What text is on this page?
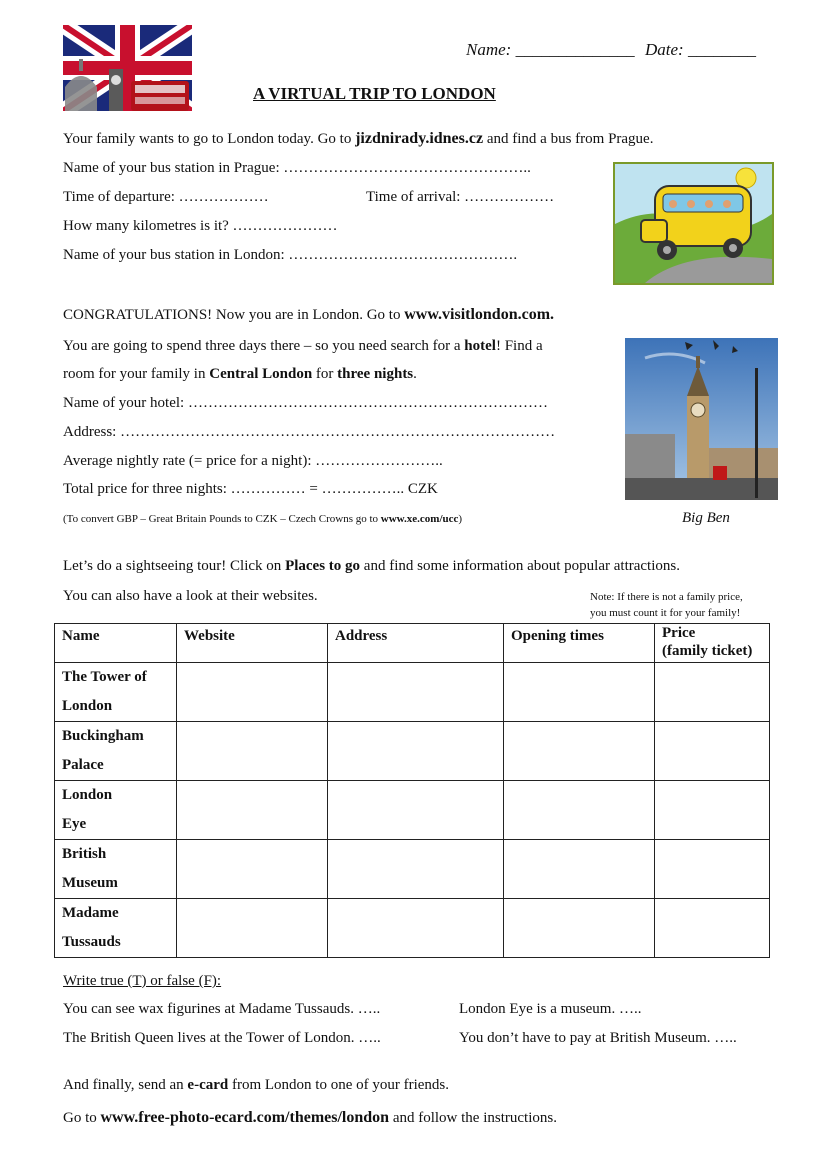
Name: ______________ Date: ________
A VIRTUAL TRIP TO LONDON
Your family wants to go to London today. Go to jizdnirady.idnes.cz and find a bus from Prague.
Name of your bus station in Prague: …………………………………………..
Time of departure: ………………	Time of arrival: ………………
How many kilometres is it? …………………
Name of your bus station in London: ……………………………………….
CONGRATULATIONS! Now you are in London. Go to www.visitlondon.com.
You are going to spend three days there – so you need search for a hotel! Find a
room for your family in Central London for three nights.
Name of your hotel: ………………………………………………………………
Address: ……………………………………………………………………………
Average nightly rate (= price for a night): ……………………..
Total price for three nights: …………… = …………….. CZK
(To convert GBP – Great Britain Pounds to CZK – Czech Crowns go to www.xe.com/ucc)	Big Ben
Let’s do a sightseeing tour! Click on Places to go and find some information about popular attractions.
You can also have a look at their websites.	Note: If there is not a family price,
you must count it for your family!
Name	Website	Address	Opening times	Price
(family ticket)

The Tower of
London				

Buckingham
Palace				

London
Eye				

British
Museum				

Madame
Tussauds				

Write true (T) or false (F):
You can see wax figurines at Madame Tussauds. …..	London Eye is a museum. …..
The British Queen lives at the Tower of London. …..	You don’t have to pay at British Museum. …..
And finally, send an e-card from London to one of your friends.
Go to www.free-photo-ecard.com/themes/london and follow the instructions.
